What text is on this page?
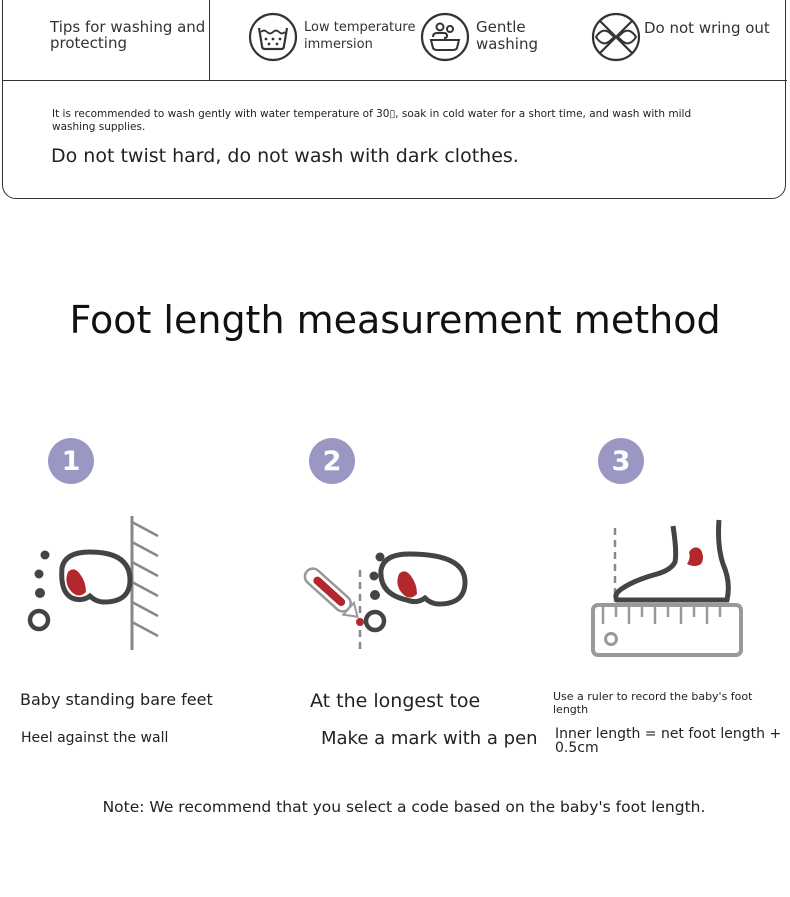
Tips for washing and protecting
Low temperature immersion
Gentle washing
Do not wring out
It is recommended to wash gently with water temperature of 30▯, soak in cold water for a short time, and wash with mild washing supplies.
Do not twist hard, do not wash with dark clothes.
Foot length measurement method
1	2	3
Baby standing bare feet
Heel against the wall
At the longest toe
Make a mark with a pen
Use a ruler to record the baby's foot length
Inner length = net foot length + 0.5cm
Note: We recommend that you select a code based on the baby's foot length.
